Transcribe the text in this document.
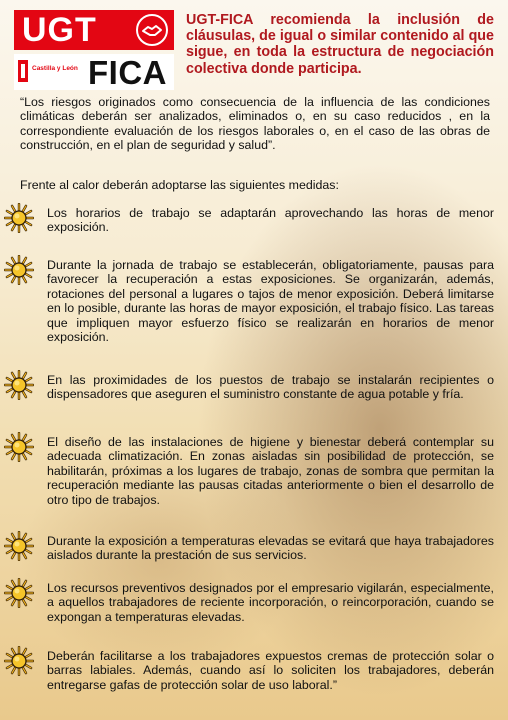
UGT
Castilla y León FICA
UGT-FICA recomienda la inclusión de cláusulas, de igual o similar contenido al que sigue, en toda la estructura de negociación colectiva donde participa.
“Los riesgos originados como consecuencia de la influencia de las condiciones climáticas deberán ser analizados, eliminados o, en su caso reducidos , en la correspondiente evaluación de los riesgos laborales o, en el caso de las obras de construcción, en el plan de seguridad y salud”.
Frente al calor deberán adoptarse las siguientes medidas:
Los horarios de trabajo se adaptarán aprovechando las horas de menor exposición.
Durante la jornada de trabajo se establecerán, obligatoriamente, pausas para favorecer la recuperación a estas exposiciones. Se organizarán, además, rotaciones del personal a lugares o tajos de menor exposición. Deberá limitarse en lo posible, durante las horas de mayor exposición, el trabajo físico. Las tareas que impliquen mayor esfuerzo físico se realizarán en horarios de menor exposición.
En las proximidades de los puestos de trabajo se instalarán recipientes o dispensadores que aseguren el suministro constante de agua potable y fría.
El diseño de las instalaciones de higiene y bienestar deberá contemplar su adecuada climatización. En zonas aisladas sin posibilidad de protección, se habilitarán, próximas a los lugares de trabajo, zonas de sombra que permitan la recuperación mediante las pausas citadas anteriormente o bien el desarrollo de otro tipo de trabajos.
Durante la exposición a temperaturas elevadas se evitará que haya trabajadores aislados durante la prestación de sus servicios.
Los recursos preventivos designados por el empresario vigilarán, especialmente, a aquellos trabajadores de reciente incorporación, o reincorporación, cuando se expongan a temperaturas elevadas.
Deberán facilitarse a los trabajadores expuestos cremas de protección solar o barras labiales. Además, cuando así lo soliciten los trabajadores, deberán entregarse gafas de protección solar de uso laboral.”
